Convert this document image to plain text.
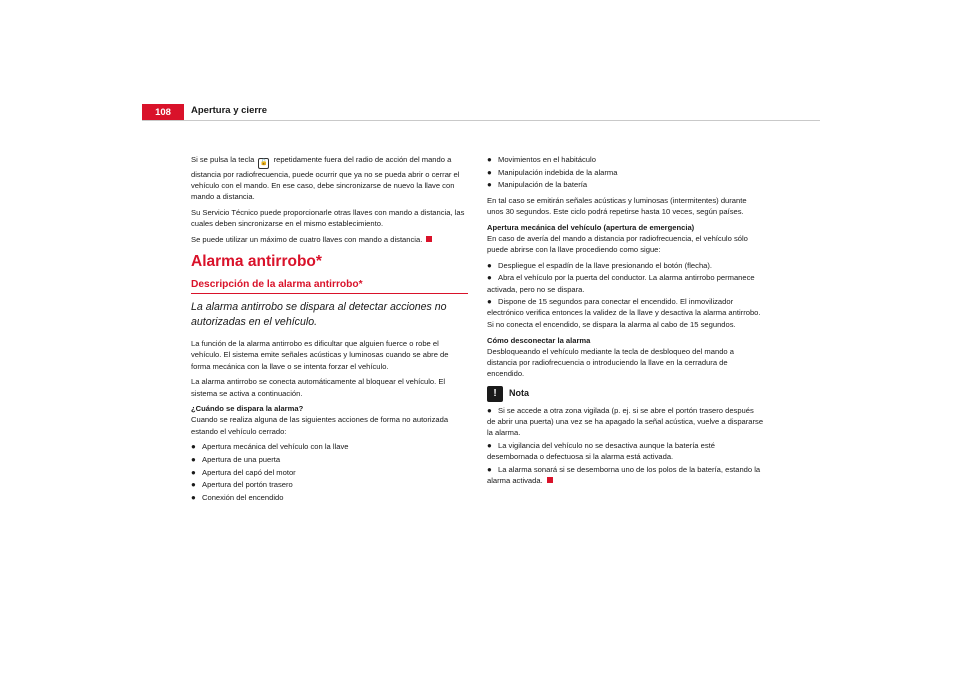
108	Apertura y cierre

Si se pulsa la tecla 🔓 repetidamente fuera del radio de acción del mando a distancia por radiofrecuencia, puede ocurrir que ya no se pueda abrir o cerrar el vehículo con el mando. En ese caso, debe sincronizarse de nuevo la llave con mando a distancia.

Su Servicio Técnico puede proporcionarle otras llaves con mando a distancia, las cuales deben sincronizarse en el mismo establecimiento.

Se puede utilizar un máximo de cuatro llaves con mando a distancia.

Alarma antirrobo*
Descripción de la alarma antirrobo*
La alarma antirrobo se dispara al detectar acciones no autorizadas en el vehículo.

La función de la alarma antirrobo es dificultar que alguien fuerce o robe el vehículo. El sistema emite señales acústicas y luminosas cuando se abre de forma mecánica con la llave o se intenta forzar el vehículo.

La alarma antirrobo se conecta automáticamente al bloquear el vehículo. El sistema se activa a continuación.

¿Cuándo se dispara la alarma?

Cuando se realiza alguna de las siguientes acciones de forma no autorizada estando el vehículo cerrado:

● Apertura mecánica del vehículo con la llave
● Apertura de una puerta
● Apertura del capó del motor
● Apertura del portón trasero
● Conexión del encendido
● Movimientos en el habitáculo
● Manipulación indebida de la alarma
● Manipulación de la batería

En tal caso se emitirán señales acústicas y luminosas (intermitentes) durante unos 30 segundos. Este ciclo podrá repetirse hasta 10 veces, según países.

Apertura mecánica del vehículo (apertura de emergencia)

En caso de avería del mando a distancia por radiofrecuencia, el vehículo sólo puede abrirse con la llave procediendo como sigue:

● Despliegue el espadín de la llave presionando el botón (flecha).
● Abra el vehículo por la puerta del conductor. La alarma antirrobo permanece activada, pero no se dispara.
● Dispone de 15 segundos para conectar el encendido. El inmovilizador electrónico verifica entonces la validez de la llave y desactiva la alarma antirrobo. Si no conecta el encendido, se dispara la alarma al cabo de 15 segundos.
Cómo desconectar la alarma

Desbloqueando el vehículo mediante la tecla de desbloqueo del mando a distancia por radiofrecuencia o introduciendo la llave en la cerradura de encendido.

!	Nota
● Si se accede a otra zona vigilada (p. ej. si se abre el portón trasero después de abrir una puerta) una vez se ha apagado la señal acústica, vuelve a dispararse la alarma.
● La vigilancia del vehículo no se desactiva aunque la batería esté desembornada o defectuosa si la alarma está activada.
● La alarma sonará si se desemborna uno de los polos de la batería, estando la alarma activada.
